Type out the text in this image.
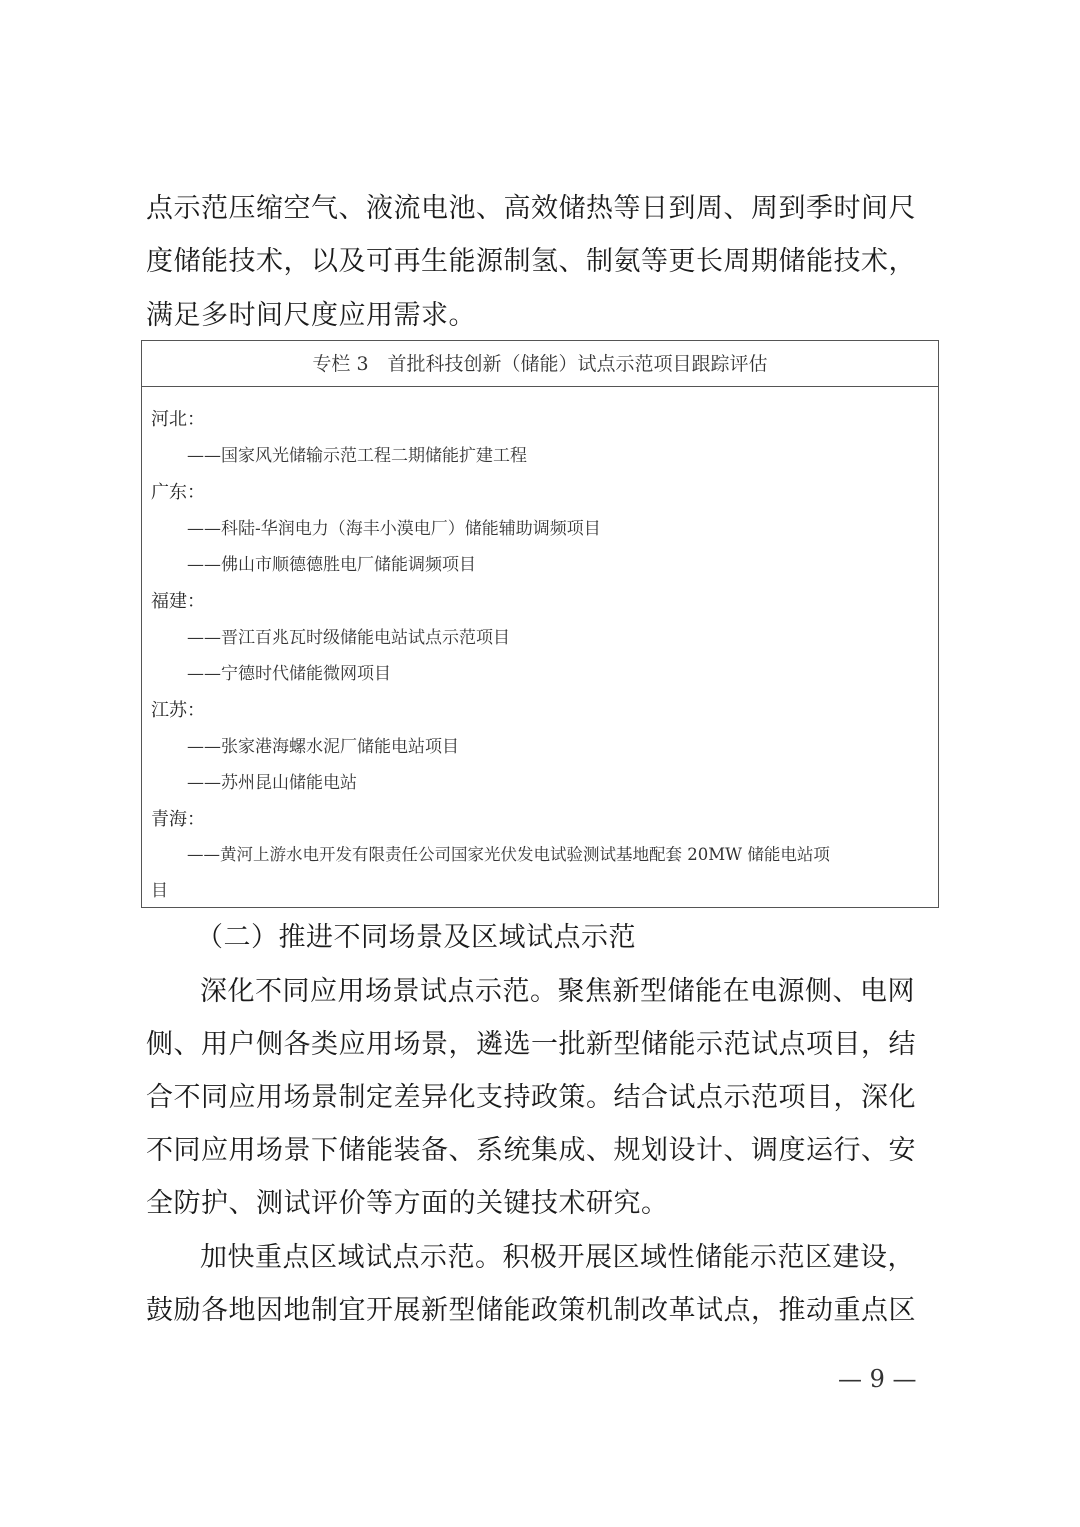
点示范压缩空气、液流电池、高效储热等日到周、周到季时间尺
度储能技术，以及可再生能源制氢、制氨等更长周期储能技术，
满足多时间尺度应用需求。
专栏 3　首批科技创新（储能）试点示范项目跟踪评估
河北：
——国家风光储输示范工程二期储能扩建工程
广东：
——科陆-华润电力（海丰小漠电厂）储能辅助调频项目
——佛山市顺德德胜电厂储能调频项目
福建：
——晋江百兆瓦时级储能电站试点示范项目
——宁德时代储能微网项目
江苏：
——张家港海螺水泥厂储能电站项目
——苏州昆山储能电站
青海：
——黄河上游水电开发有限责任公司国家光伏发电试验测试基地配套 20MW 储能电站项
目
（二）推进不同场景及区域试点示范
深化不同应用场景试点示范。聚焦新型储能在电源侧、电网
侧、用户侧各类应用场景，遴选一批新型储能示范试点项目，结
合不同应用场景制定差异化支持政策。结合试点示范项目，深化
不同应用场景下储能装备、系统集成、规划设计、调度运行、安
全防护、测试评价等方面的关键技术研究。
加快重点区域试点示范。积极开展区域性储能示范区建设，
鼓励各地因地制宜开展新型储能政策机制改革试点，推动重点区
— 9 —
